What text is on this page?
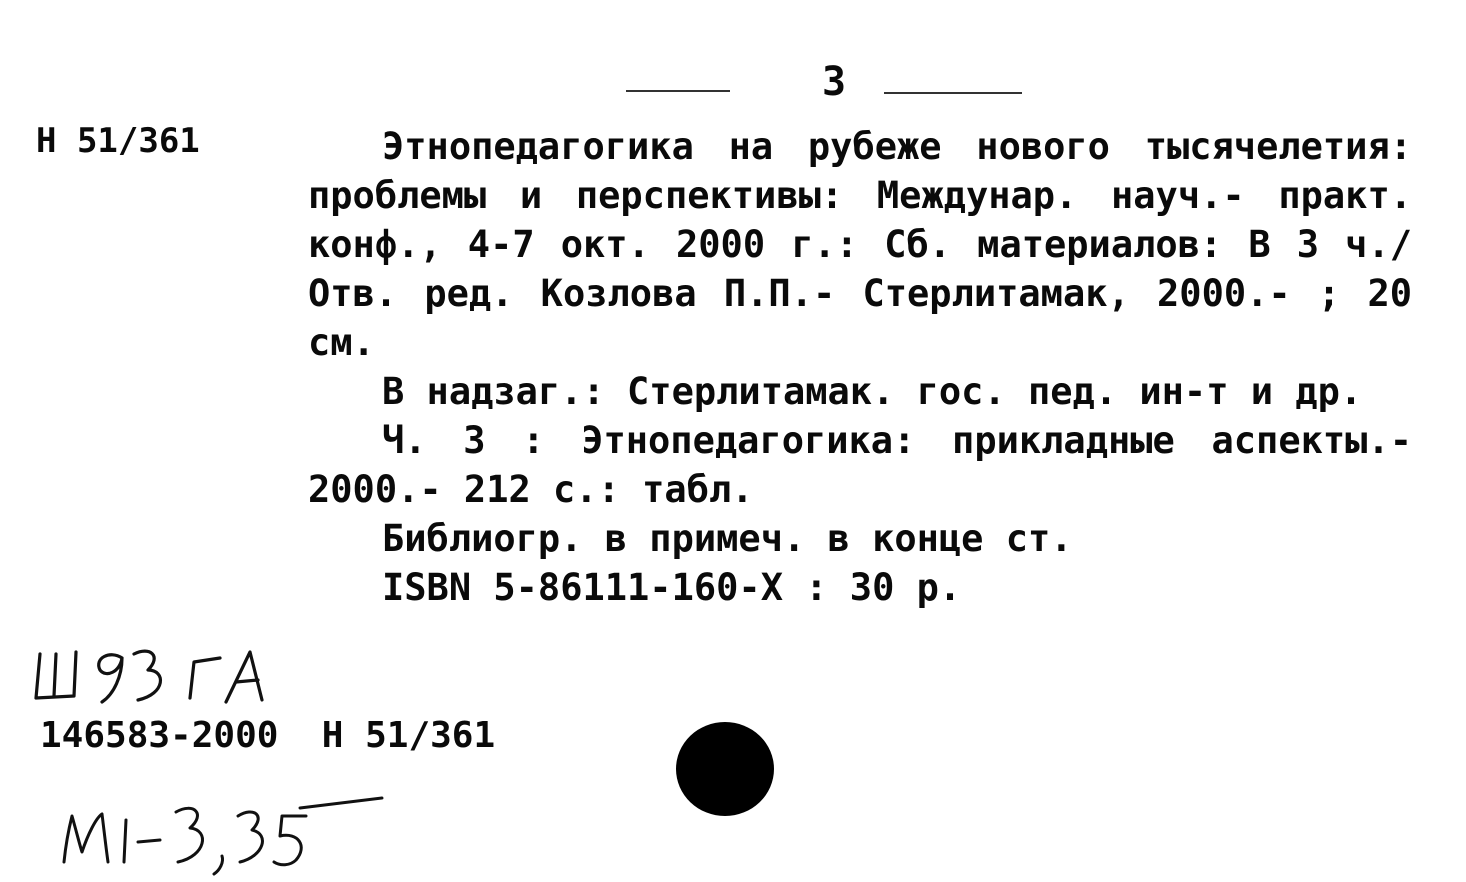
3
Н 51/361	Этнопедагогика на рубеже нового тысячелетия: проблемы и перспективы: Междунар. науч.- практ. конф., 4-7 окт. 2000 г.: Сб. материалов: В 3 ч./ Отв. ред. Козлова П.П.- Стерлитамак, 2000.- ; 20 см.

В надзаг.: Стерлитамак. гос. пед. ин-т и др.

Ч. 3 : Этнопедагогика: прикладные аспекты.- 2000.- 212 с.: табл.

Библиогр. в примеч. в конце ст.

ISBN 5-86111-160-X : 30 р.

146583-2000  Н 51/361
